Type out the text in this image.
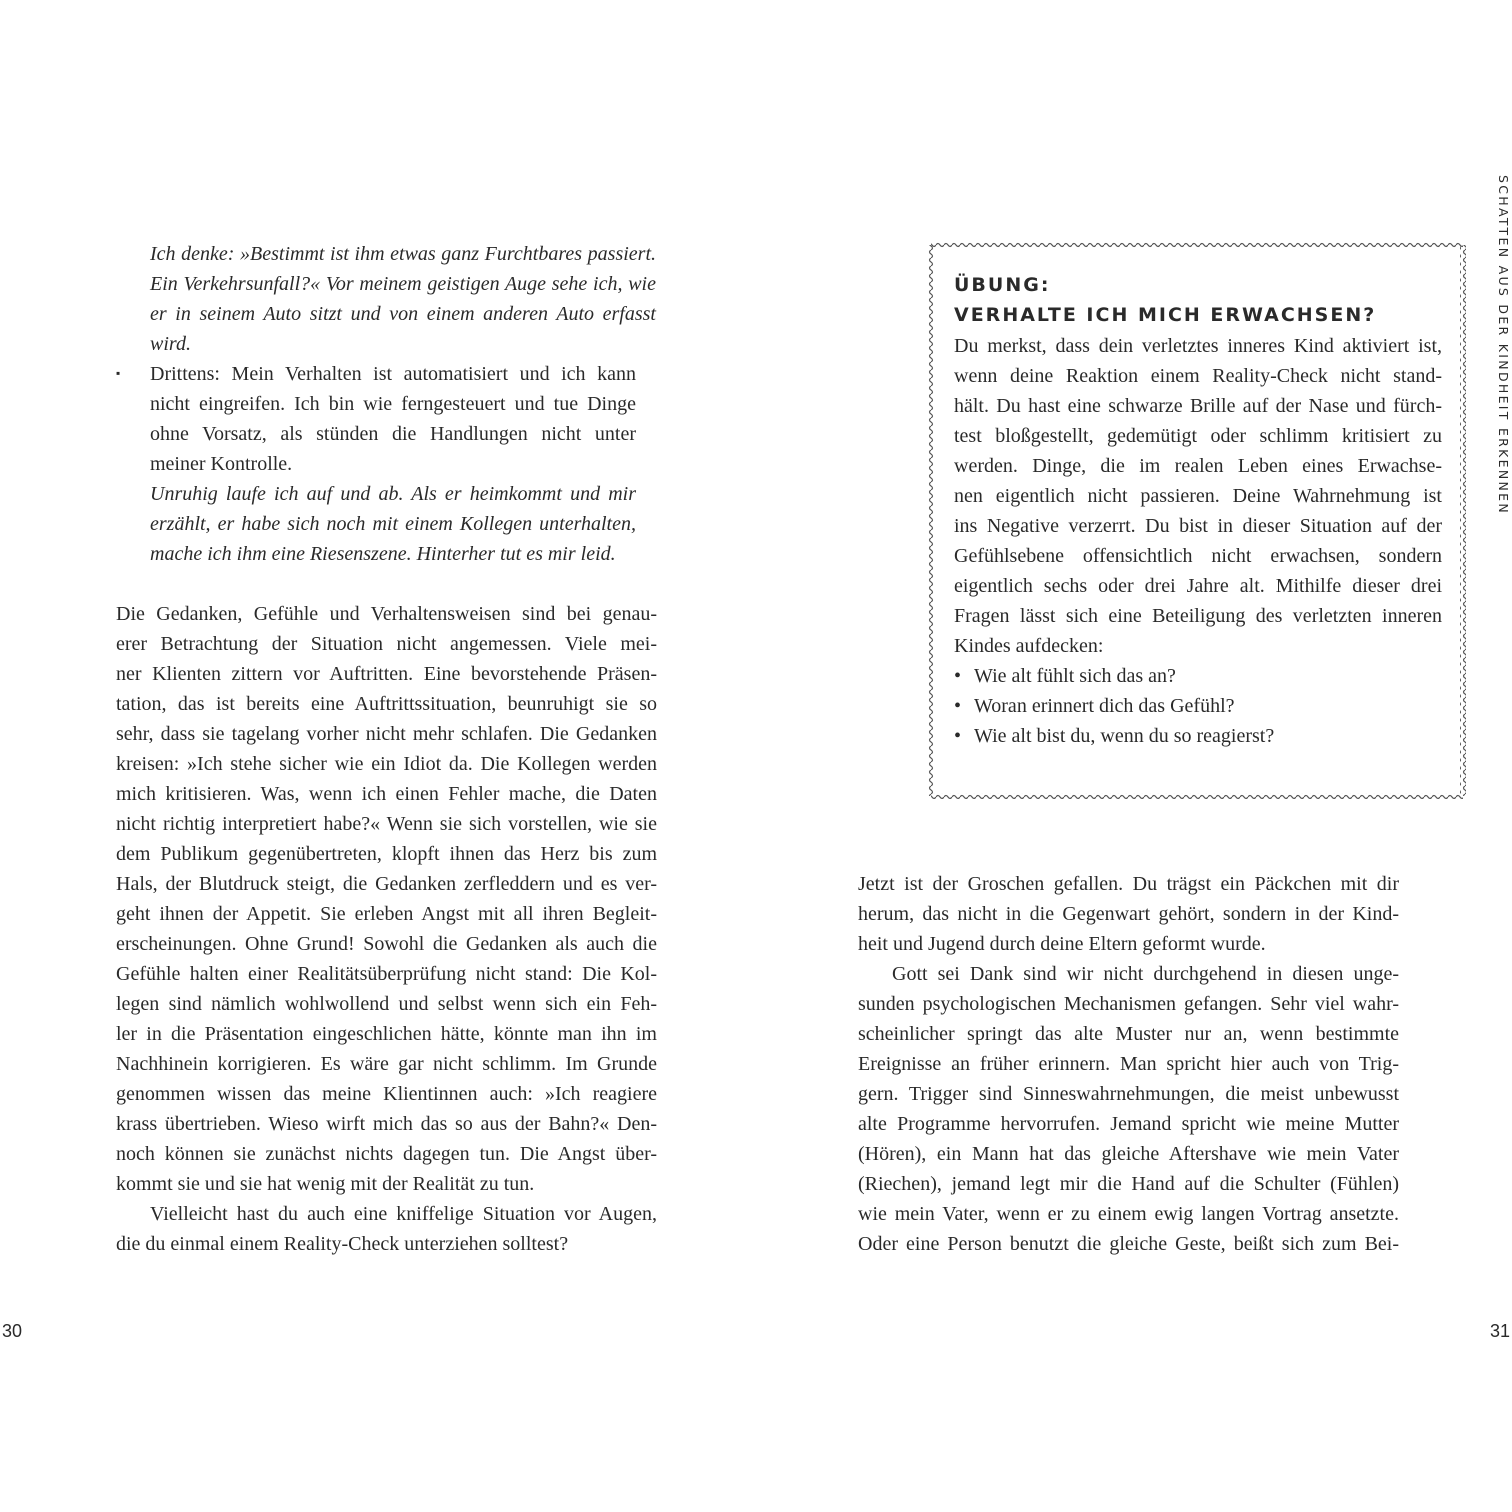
Ich denke: »Bestimmt ist ihm etwas ganz Furchtbares passiert.
Ein Verkehrsunfall?« Vor meinem geistigen Auge sehe ich, wie
er in seinem Auto sitzt und von einem anderen Auto erfasst
wird.
▪ Drittens: Mein Verhalten ist automatisiert und ich kann
nicht eingreifen. Ich bin wie ferngesteuert und tue Dinge
ohne Vorsatz, als stünden die Handlungen nicht unter
meiner Kontrolle.
Unruhig laufe ich auf und ab. Als er heimkommt und mir
erzählt, er habe sich noch mit einem Kollegen unterhalten,
mache ich ihm eine Riesenszene. Hinterher tut es mir leid.
Die Gedanken, Gefühle und Verhaltensweisen sind bei genau-
erer Betrachtung der Situation nicht angemessen. Viele mei-
ner Klienten zittern vor Auftritten. Eine bevorstehende Präsen-
tation, das ist bereits eine Auftrittssituation, beunruhigt sie so
sehr, dass sie tagelang vorher nicht mehr schlafen. Die Gedanken
kreisen: »Ich stehe sicher wie ein Idiot da. Die Kollegen werden
mich kritisieren. Was, wenn ich einen Fehler mache, die Daten
nicht richtig interpretiert habe?« Wenn sie sich vorstellen, wie sie
dem Publikum gegenübertreten, klopft ihnen das Herz bis zum
Hals, der Blutdruck steigt, die Gedanken zerfleddern und es ver-
geht ihnen der Appetit. Sie erleben Angst mit all ihren Begleit-
erscheinungen. Ohne Grund! Sowohl die Gedanken als auch die
Gefühle halten einer Realitätsüberprüfung nicht stand: Die Kol-
legen sind nämlich wohlwollend und selbst wenn sich ein Feh-
ler in die Präsentation eingeschlichen hätte, könnte man ihn im
Nachhinein korrigieren. Es wäre gar nicht schlimm. Im Grunde
genommen wissen das meine Klientinnen auch: »Ich reagiere
krass übertrieben. Wieso wirft mich das so aus der Bahn?« Den-
noch können sie zunächst nichts dagegen tun. Die Angst über-
kommt sie und sie hat wenig mit der Realität zu tun.
Vielleicht hast du auch eine kniffelige Situation vor Augen,
die du einmal einem Reality-Check unterziehen solltest?
30
SCHATTEN AUS DER KINDHEIT ERKENNEN
ÜBUNG:
VERHALTE ICH MICH ERWACHSEN?
Du merkst, dass dein verletztes inneres Kind aktiviert ist,
wenn deine Reaktion einem Reality-Check nicht stand-
hält. Du hast eine schwarze Brille auf der Nase und fürch-
test bloßgestellt, gedemütigt oder schlimm kritisiert zu
werden. Dinge, die im realen Leben eines Erwachse-
nen eigentlich nicht passieren. Deine Wahrnehmung ist
ins Negative verzerrt. Du bist in dieser Situation auf der
Gefühlsebene offensichtlich nicht erwachsen, sondern
eigentlich sechs oder drei Jahre alt. Mithilfe dieser drei
Fragen lässt sich eine Beteiligung des verletzten inneren
Kindes aufdecken:
• Wie alt fühlt sich das an?
• Woran erinnert dich das Gefühl?
• Wie alt bist du, wenn du so reagierst?
Jetzt ist der Groschen gefallen. Du trägst ein Päckchen mit dir
herum, das nicht in die Gegenwart gehört, sondern in der Kind-
heit und Jugend durch deine Eltern geformt wurde.
Gott sei Dank sind wir nicht durchgehend in diesen unge-
sunden psychologischen Mechanismen gefangen. Sehr viel wahr-
scheinlicher springt das alte Muster nur an, wenn bestimmte
Ereignisse an früher erinnern. Man spricht hier auch von Trig-
gern. Trigger sind Sinneswahrnehmungen, die meist unbewusst
alte Programme hervorrufen. Jemand spricht wie meine Mutter
(Hören), ein Mann hat das gleiche Aftershave wie mein Vater
(Riechen), jemand legt mir die Hand auf die Schulter (Fühlen)
wie mein Vater, wenn er zu einem ewig langen Vortrag ansetzte.
Oder eine Person benutzt die gleiche Geste, beißt sich zum Bei-
31
